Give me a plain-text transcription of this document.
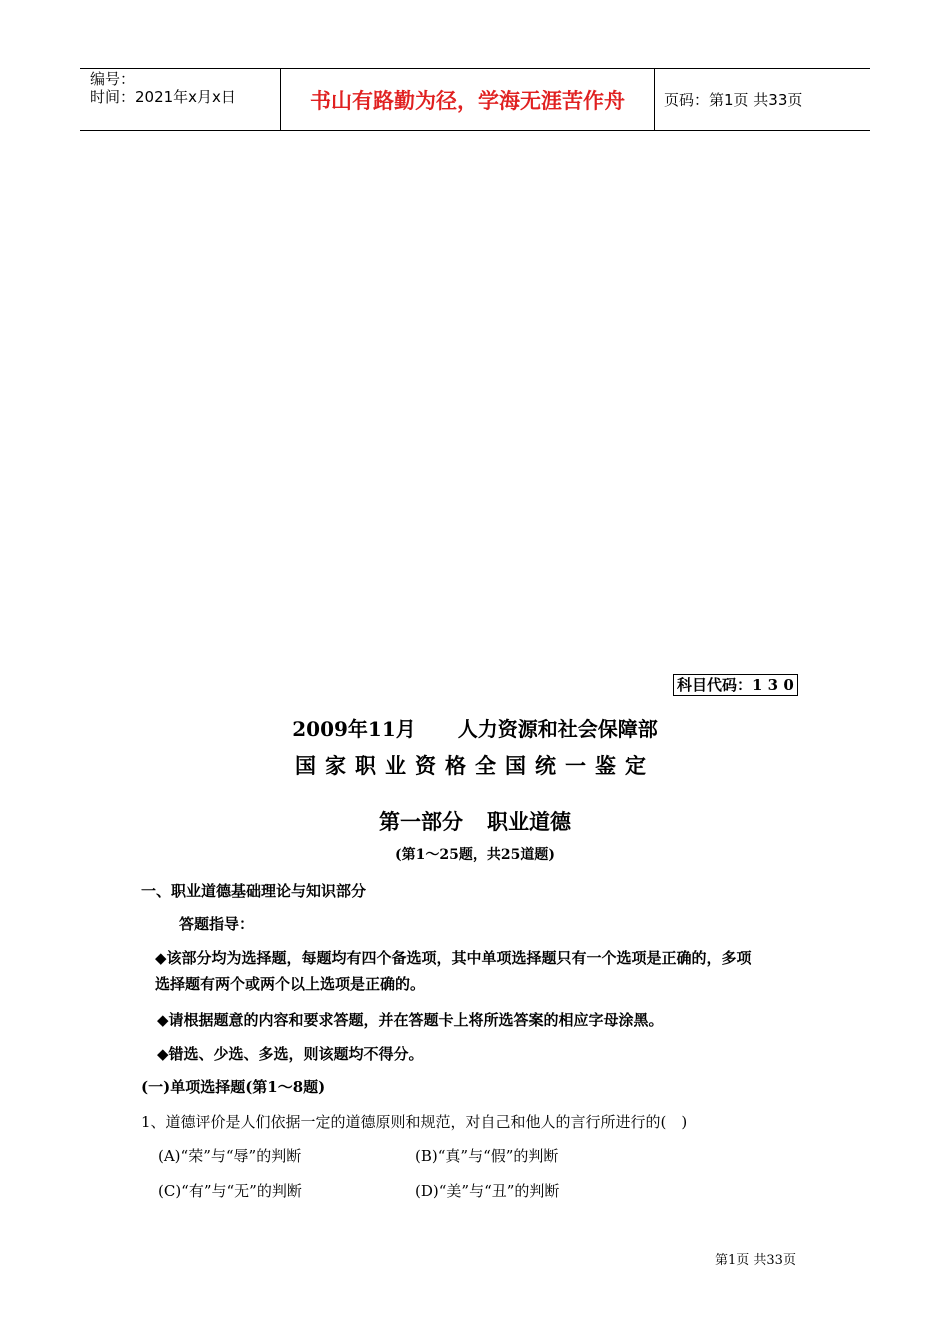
编号：
时间：2021年x月x日	书山有路勤为径，学海无涯苦作舟	页码：第1页 共33页
科目代码：1 3 0
2009年11月 人力资源和社会保障部
国家职业资格全国统一鉴定
第一部分 职业道德
(第1～25题，共25道题)
一、职业道德基础理论与知识部分
答题指导：
◆该部分均为选择题，每题均有四个备选项，其中单项选择题只有一个选项是正确的，多项
选择题有两个或两个以上选项是正确的。
◆请根据题意的内容和要求答题，并在答题卡上将所选答案的相应字母涂黑。
◆错选、少选、多选，则该题均不得分。
(一)单项选择题(第1～8题)
1、道德评价是人们依据一定的道德原则和规范，对自己和他人的言行所进行的(　)
(A)“荣”与“辱”的判断	(B)“真”与“假”的判断
(C)“有”与“无”的判断	(D)“美”与“丑”的判断
第1页 共33页
